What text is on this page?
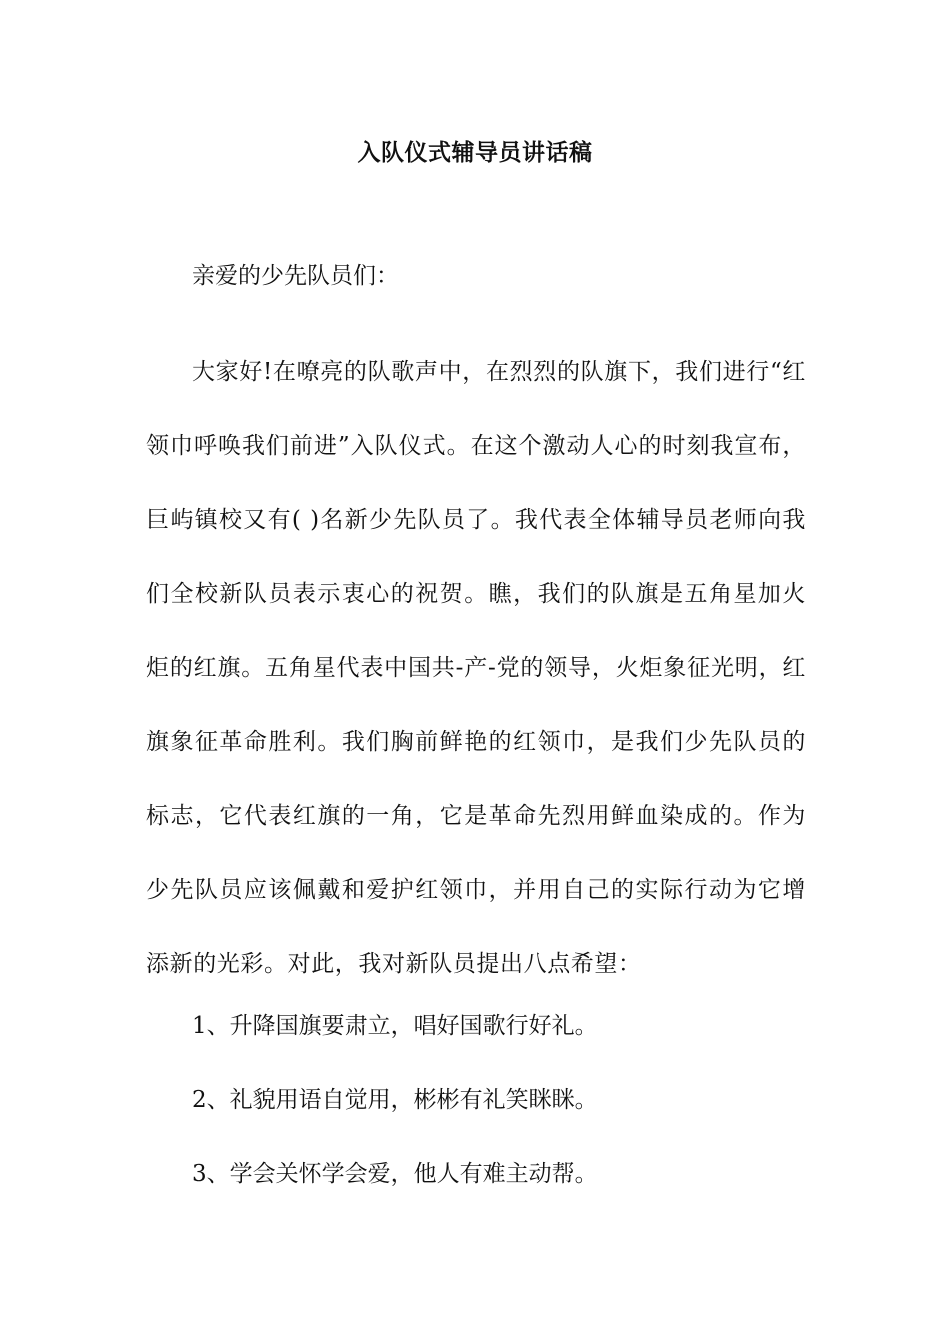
入队仪式辅导员讲话稿

亲爱的少先队员们：

大家好!在嘹亮的队歌声中，在烈烈的队旗下，我们进行“红领巾呼唤我们前进”入队仪式。在这个激动人心的时刻我宣布，巨屿镇校又有( )名新少先队员了。我代表全体辅导员老师向我们全校新队员表示衷心的祝贺。瞧，我们的队旗是五角星加火炬的红旗。五角星代表中国共-产-党的领导，火炬象征光明，红旗象征革命胜利。我们胸前鲜艳的红领巾，是我们少先队员的标志，它代表红旗的一角，它是革命先烈用鲜血染成的。作为少先队员应该佩戴和爱护红领巾，并用自己的实际行动为它增添新的光彩。对此，我对新队员提出八点希望：

1、升降国旗要肃立，唱好国歌行好礼。

2、礼貌用语自觉用，彬彬有礼笑眯眯。

3、学会关怀学会爱，他人有难主动帮。
